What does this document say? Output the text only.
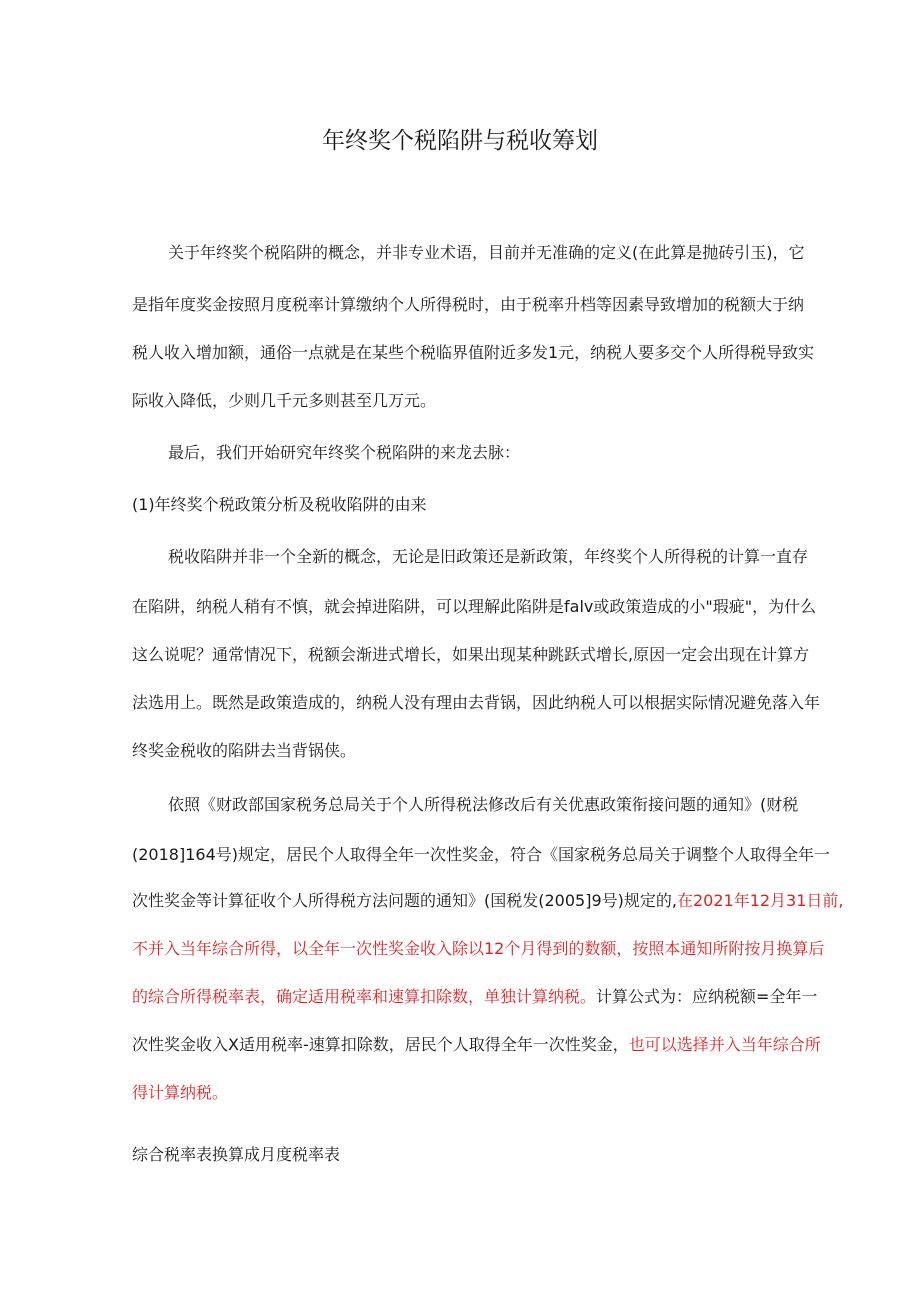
年终奖个税陷阱与税收筹划

关于年终奖个税陷阱的概念，并非专业术语，目前并无准确的定义(在此算是抛砖引玉)，它

是指年度奖金按照月度税率计算缴纳个人所得税时，由于税率升档等因素导致增加的税额大于纳

税人收入增加额，通俗一点就是在某些个税临界值附近多发1元，纳税人要多交个人所得税导致实

际收入降低，少则几千元多则甚至几万元。

最后，我们开始研究年终奖个税陷阱的来龙去脉：

(1)年终奖个税政策分析及税收陷阱的由来

税收陷阱并非一个全新的概念，无论是旧政策还是新政策，年终奖个人所得税的计算一直存

在陷阱，纳税人稍有不慎，就会掉进陷阱，可以理解此陷阱是falv或政策造成的小"瑕疵"，为什么

这么说呢？通常情况下，税额会渐进式增长，如果出现某种跳跃式增长,原因一定会出现在计算方

法选用上。既然是政策造成的，纳税人没有理由去背锅，因此纳税人可以根据实际情况避免落入年

终奖金税收的陷阱去当背锅侠。

依照《财政部国家税务总局关于个人所得税法修改后有关优惠政策衔接问题的通知》(财税

(2018]164号)规定，居民个人取得全年一次性奖金，符合《国家税务总局关于调整个人取得全年一

次性奖金等计算征收个人所得税方法问题的通知》(国税发(2005]9号)规定的,在2021年12月31日前,

不并入当年综合所得，以全年一次性奖金收入除以12个月得到的数额，按照本通知所附按月换算后

的综合所得税率表，确定适用税率和速算扣除数，单独计算纳税。计算公式为：应纳税额=全年一

次性奖金收入X适用税率-速算扣除数，居民个人取得全年一次性奖金，也可以选择并入当年综合所

得计算纳税。

综合税率表换算成月度税率表
